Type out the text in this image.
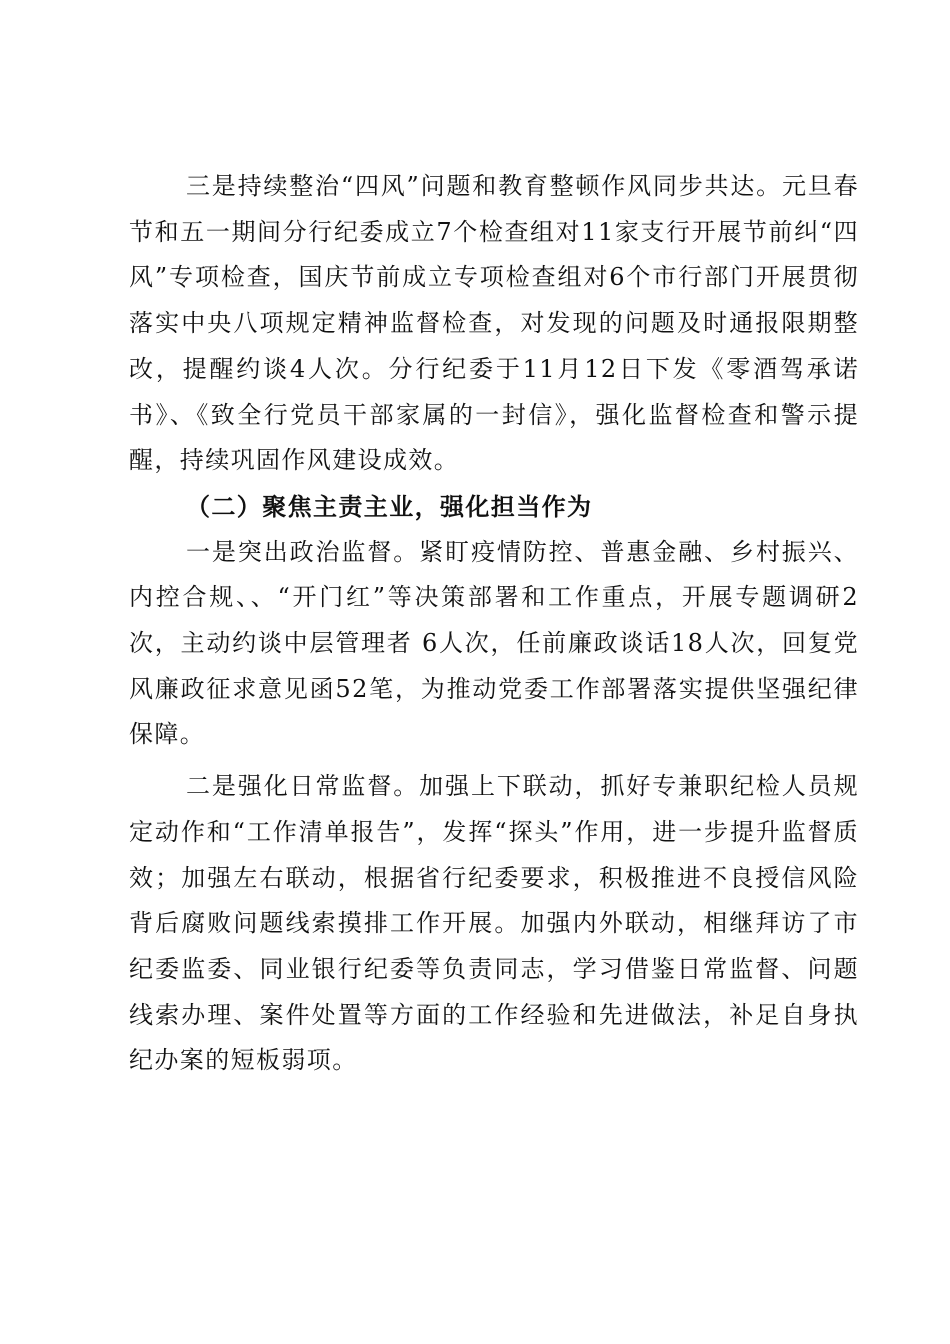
三是持续整治“四风”问题和教育整顿作风同步共达。元旦春节和五一期间分行纪委成立7个检查组对11家支行开展节前纠“四风”专项检查，国庆节前成立专项检查组对6个市行部门开展贯彻落实中央八项规定精神监督检查，对发现的问题及时通报限期整改，提醒约谈4人次。分行纪委于11月12日下发《零酒驾承诺书》、《致全行党员干部家属的一封信》，强化监督检查和警示提醒，持续巩固作风建设成效。

（二）聚焦主责主业，强化担当作为

一是突出政治监督。紧盯疫情防控、普惠金融、乡村振兴、内控合规、、“开门红”等决策部署和工作重点，开展专题调研2次，主动约谈中层管理者 6人次，任前廉政谈话18人次，回复党风廉政征求意见函52笔，为推动党委工作部署落实提供坚强纪律保障。

二是强化日常监督。加强上下联动，抓好专兼职纪检人员规定动作和“工作清单报告”，发挥“探头”作用，进一步提升监督质效；加强左右联动，根据省行纪委要求，积极推进不良授信风险背后腐败问题线索摸排工作开展。加强内外联动，相继拜访了市纪委监委、同业银行纪委等负责同志，学习借鉴日常监督、问题线索办理、案件处置等方面的工作经验和先进做法，补足自身执纪办案的短板弱项。
